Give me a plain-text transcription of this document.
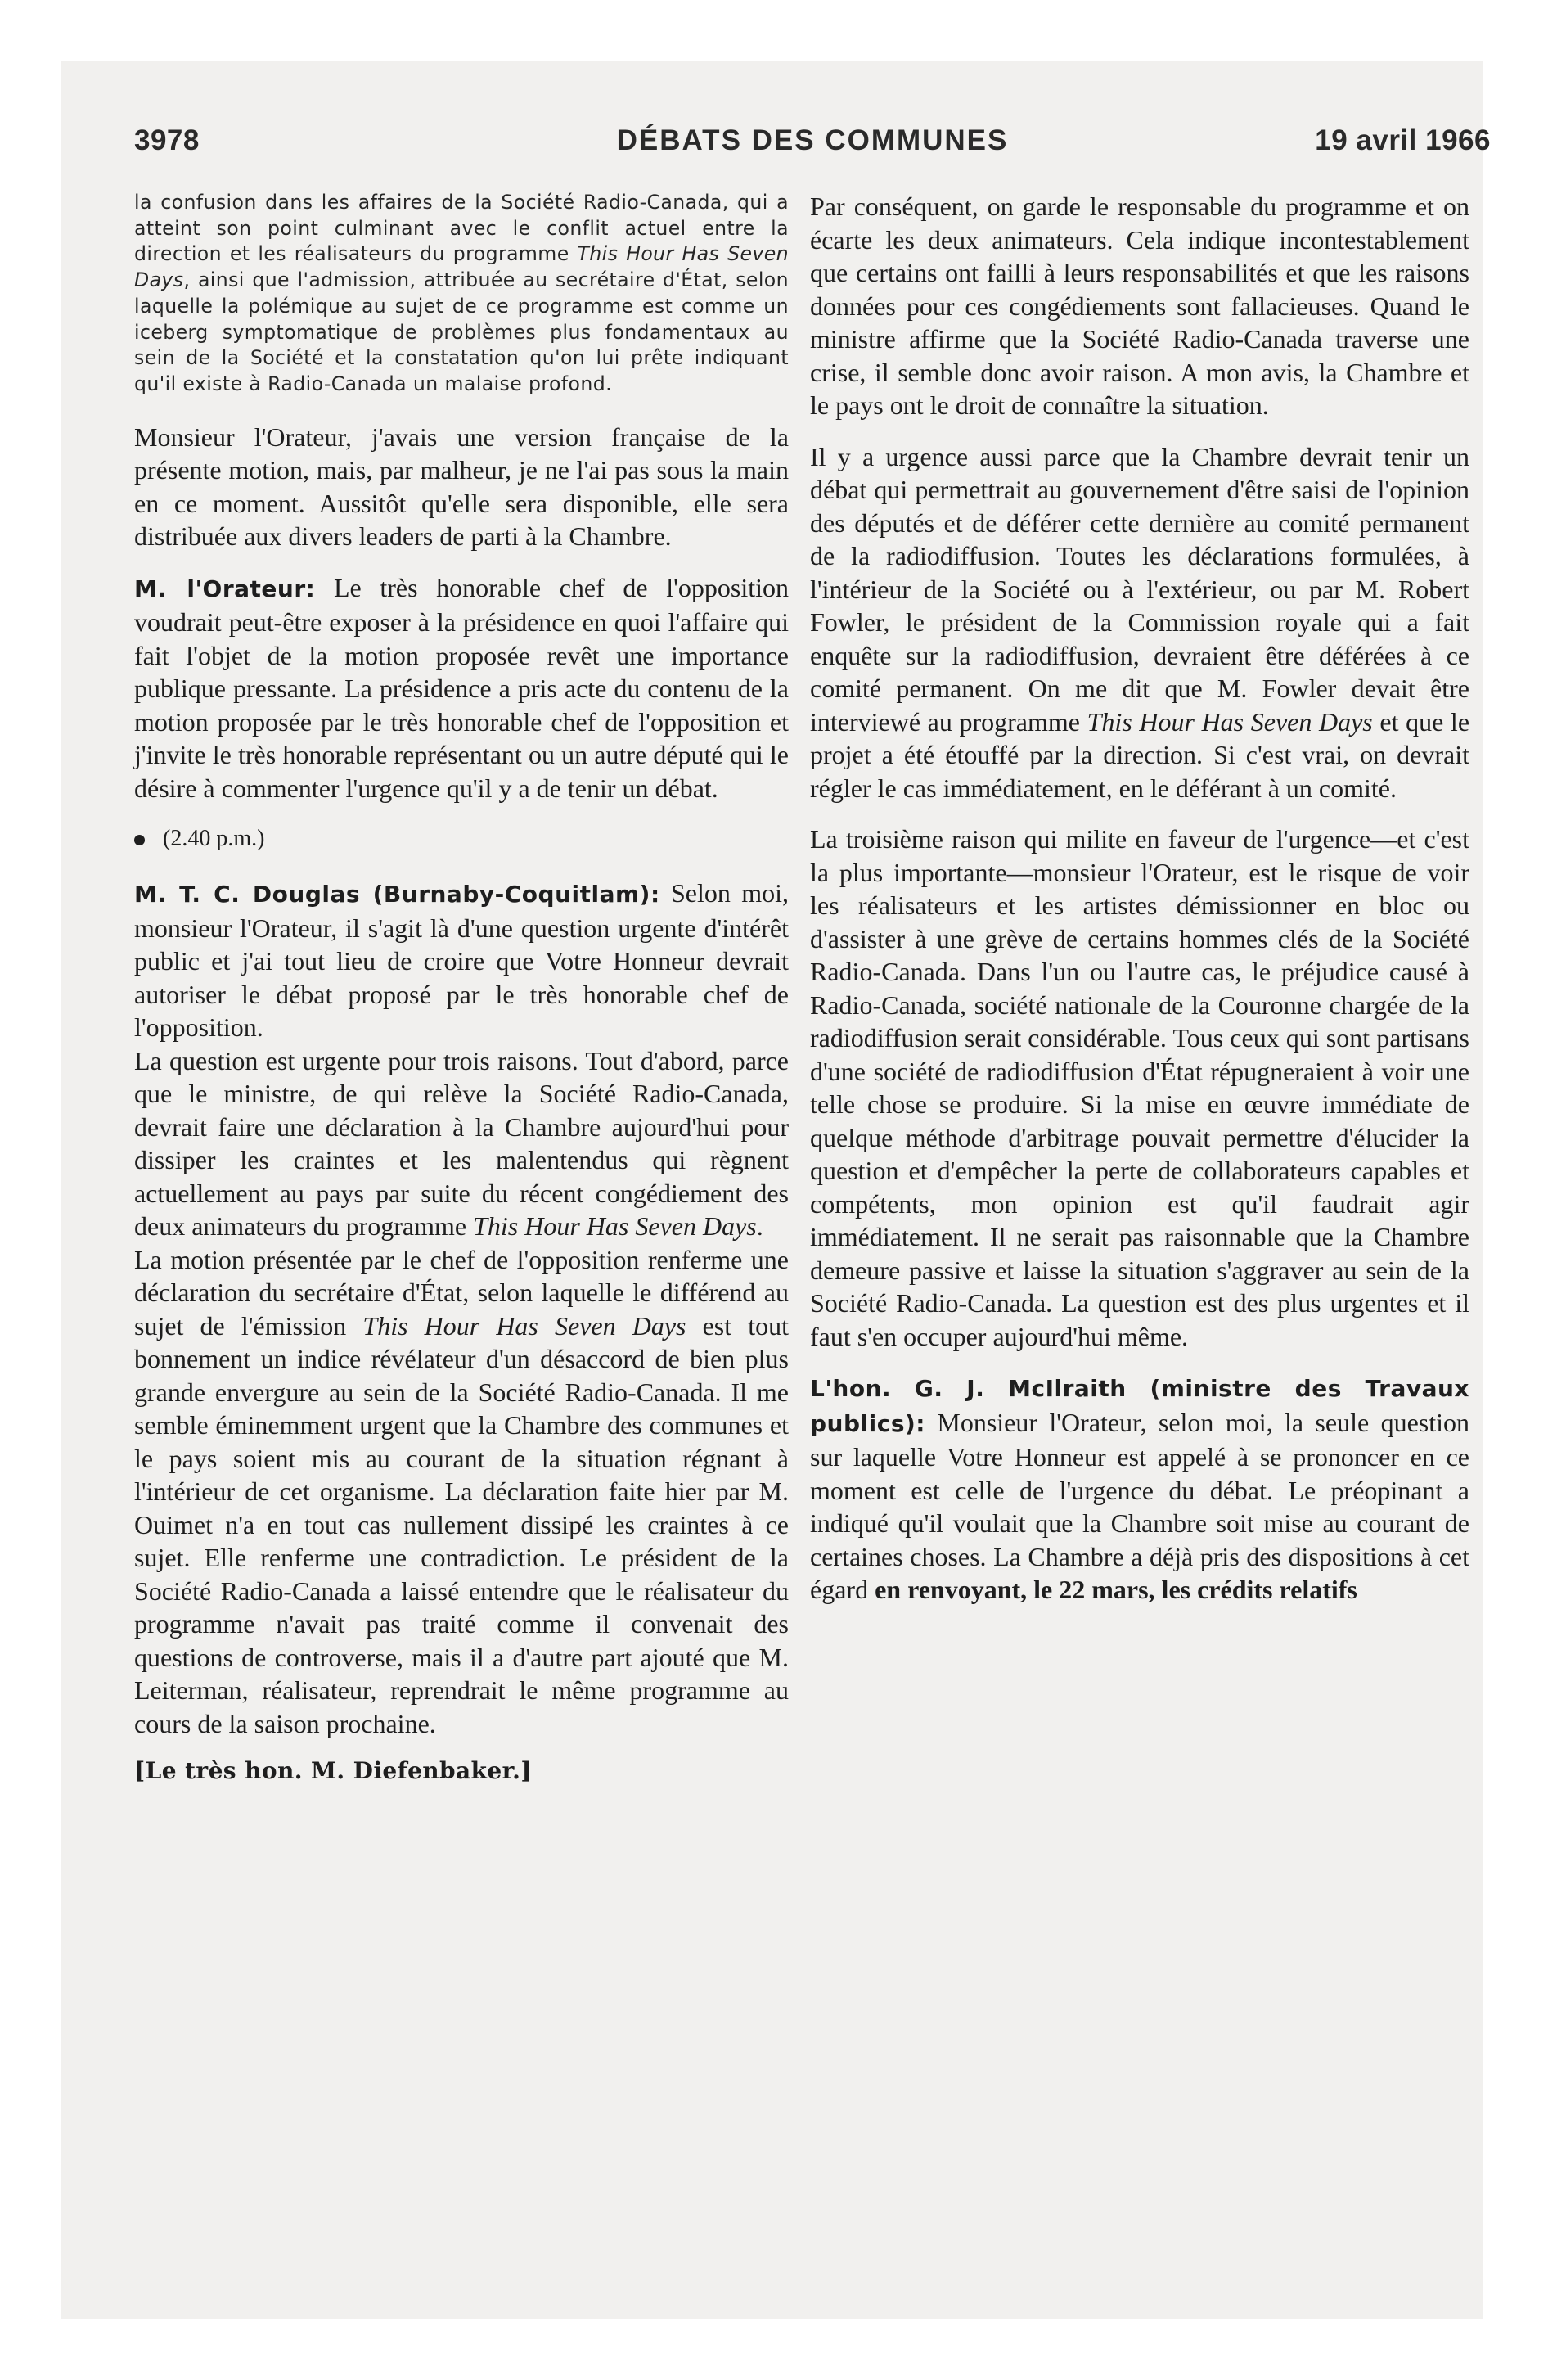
3978	DÉBATS DES COMMUNES	19 avril 1966
la confusion dans les affaires de la Société Radio-Canada, qui a atteint son point culminant avec le conflit actuel entre la direction et les réalisateurs du programme This Hour Has Seven Days, ainsi que l'admission, attribuée au secrétaire d'État, selon laquelle la polémique au sujet de ce programme est comme un iceberg symptomatique de problèmes plus fondamentaux au sein de la Société et la constatation qu'on lui prête indiquant qu'il existe à Radio-Canada un malaise profond.

Monsieur l'Orateur, j'avais une version française de la présente motion, mais, par malheur, je ne l'ai pas sous la main en ce moment. Aussitôt qu'elle sera disponible, elle sera distribuée aux divers leaders de parti à la Chambre.

M. l'Orateur: Le très honorable chef de l'opposition voudrait peut-être exposer à la présidence en quoi l'affaire qui fait l'objet de la motion proposée revêt une importance publique pressante. La présidence a pris acte du contenu de la motion proposée par le très honorable chef de l'opposition et j'invite le très honorable représentant ou un autre député qui le désire à commenter l'urgence qu'il y a de tenir un débat.

(2.40 p.m.)

M. T. C. Douglas (Burnaby-Coquitlam): Selon moi, monsieur l'Orateur, il s'agit là d'une question urgente d'intérêt public et j'ai tout lieu de croire que Votre Honneur devrait autoriser le débat proposé par le très honorable chef de l'opposition.

La question est urgente pour trois raisons. Tout d'abord, parce que le ministre, de qui relève la Société Radio-Canada, devrait faire une déclaration à la Chambre aujourd'hui pour dissiper les craintes et les malentendus qui règnent actuellement au pays par suite du récent congédiement des deux animateurs du programme This Hour Has Seven Days.

La motion présentée par le chef de l'opposition renferme une déclaration du secrétaire d'État, selon laquelle le différend au sujet de l'émission This Hour Has Seven Days est tout bonnement un indice révélateur d'un désaccord de bien plus grande envergure au sein de la Société Radio-Canada. Il me semble éminemment urgent que la Chambre des communes et le pays soient mis au courant de la situation régnant à l'intérieur de cet organisme. La déclaration faite hier par M. Ouimet n'a en tout cas nullement dissipé les craintes à ce sujet. Elle renferme une contradiction. Le président de la Société Radio-Canada a laissé entendre que le réalisateur du programme n'avait pas traité comme il convenait des questions de controverse, mais il a d'autre part ajouté que M. Leiterman, réalisateur, reprendrait le même programme au cours de la saison prochaine.

[Le très hon. M. Diefenbaker.]

Par conséquent, on garde le responsable du programme et on écarte les deux animateurs. Cela indique incontestablement que certains ont failli à leurs responsabilités et que les raisons données pour ces congédiements sont fallacieuses. Quand le ministre affirme que la Société Radio-Canada traverse une crise, il semble donc avoir raison. A mon avis, la Chambre et le pays ont le droit de connaître la situation.

Il y a urgence aussi parce que la Chambre devrait tenir un débat qui permettrait au gouvernement d'être saisi de l'opinion des députés et de déférer cette dernière au comité permanent de la radiodiffusion. Toutes les déclarations formulées, à l'intérieur de la Société ou à l'extérieur, ou par M. Robert Fowler, le président de la Commission royale qui a fait enquête sur la radiodiffusion, devraient être déférées à ce comité permanent. On me dit que M. Fowler devait être interviewé au programme This Hour Has Seven Days et que le projet a été étouffé par la direction. Si c'est vrai, on devrait régler le cas immédiatement, en le déférant à un comité.

La troisième raison qui milite en faveur de l'urgence—et c'est la plus importante—monsieur l'Orateur, est le risque de voir les réalisateurs et les artistes démissionner en bloc ou d'assister à une grève de certains hommes clés de la Société Radio-Canada. Dans l'un ou l'autre cas, le préjudice causé à Radio-Canada, société nationale de la Couronne chargée de la radiodiffusion serait considérable. Tous ceux qui sont partisans d'une société de radiodiffusion d'État répugneraient à voir une telle chose se produire. Si la mise en œuvre immédiate de quelque méthode d'arbitrage pouvait permettre d'élucider la question et d'empêcher la perte de collaborateurs capables et compétents, mon opinion est qu'il faudrait agir immédiatement. Il ne serait pas raisonnable que la Chambre demeure passive et laisse la situation s'aggraver au sein de la Société Radio-Canada. La question est des plus urgentes et il faut s'en occuper aujourd'hui même.

L'hon. G. J. McIlraith (ministre des Travaux publics): Monsieur l'Orateur, selon moi, la seule question sur laquelle Votre Honneur est appelé à se prononcer en ce moment est celle de l'urgence du débat. Le préopinant a indiqué qu'il voulait que la Chambre soit mise au courant de certaines choses. La Chambre a déjà pris des dispositions à cet égard en renvoyant, le 22 mars, les crédits relatifs
